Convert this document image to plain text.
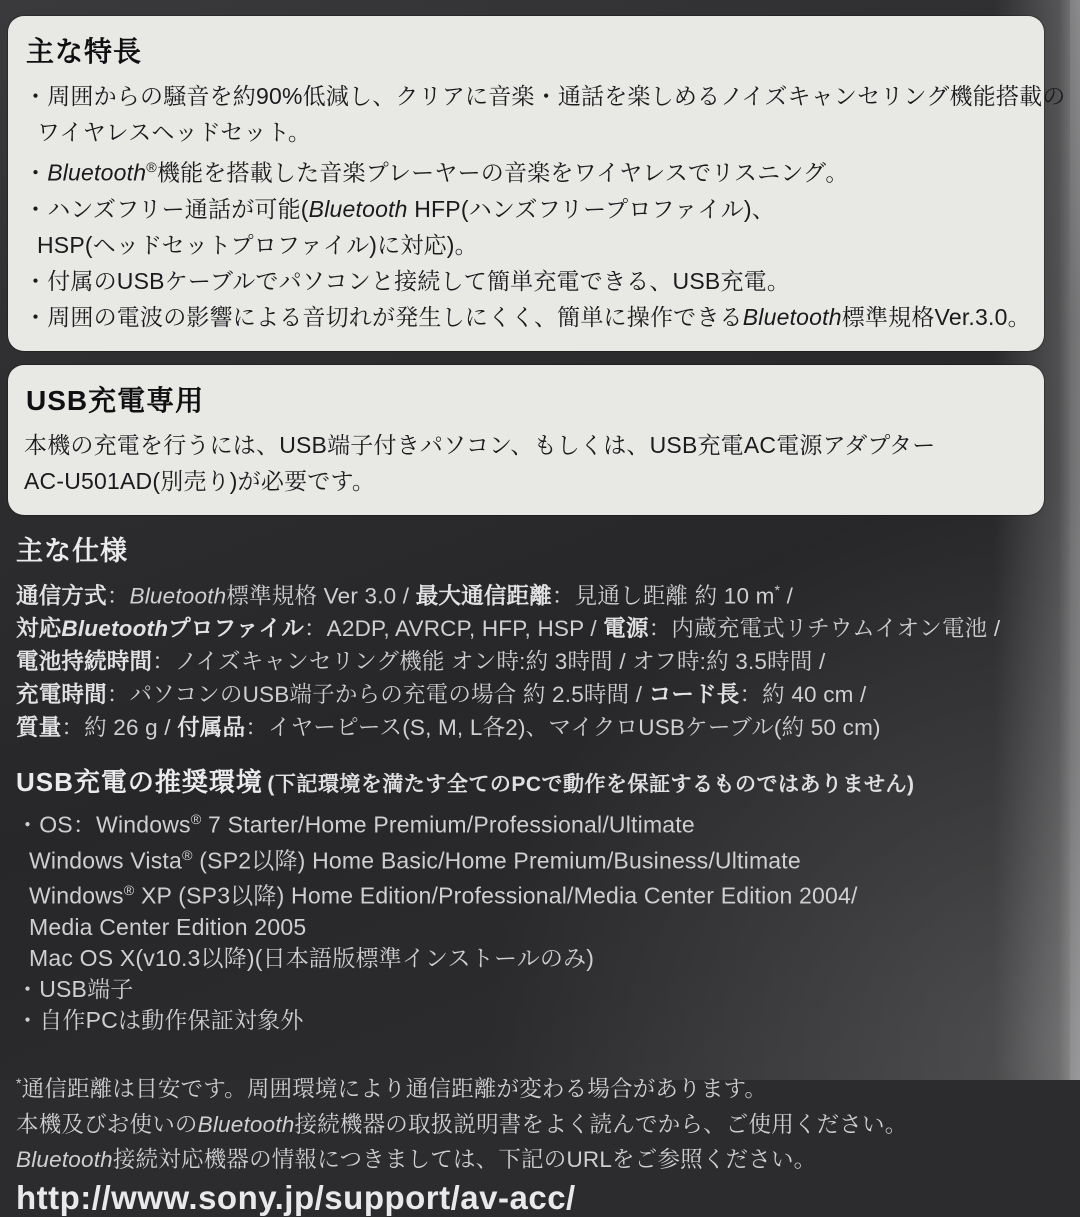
主な特長
・周囲からの騒音を約90%低減し、クリアに音楽・通話を楽しめるノイズキャンセリング機能搭載の
ワイヤレスヘッドセット。
・Bluetooth®機能を搭載した音楽プレーヤーの音楽をワイヤレスでリスニング。
・ハンズフリー通話が可能(Bluetooth HFP(ハンズフリープロファイル)、
HSP(ヘッドセットプロファイル)に対応)。
・付属のUSBケーブルでパソコンと接続して簡単充電できる、USB充電。
・周囲の電波の影響による音切れが発生しにくく、簡単に操作できるBluetooth標準規格Ver.3.0。
USB充電専用
本機の充電を行うには、USB端子付きパソコン、もしくは、USB充電AC電源アダプター
AC-U501AD(別売り)が必要です。
主な仕様
通信方式：Bluetooth標準規格 Ver 3.0 / 最大通信距離：見通し距離 約 10 m* /
対応Bluetoothプロファイル：A2DP, AVRCP, HFP, HSP / 電源：内蔵充電式リチウムイオン電池 /
電池持続時間：ノイズキャンセリング機能 オン時:約 3時間 / オフ時:約 3.5時間 /
充電時間：パソコンのUSB端子からの充電の場合 約 2.5時間 / コード長：約 40 cm /
質量：約 26 g / 付属品：イヤーピース(S, M, L各2)、マイクロUSBケーブル(約 50 cm)
USB充電の推奨環境 (下記環境を満たす全てのPCで動作を保証するものではありません)
・OS：Windows® 7 Starter/Home Premium/Professional/Ultimate
Windows Vista® (SP2以降) Home Basic/Home Premium/Business/Ultimate
Windows® XP (SP3以降) Home Edition/Professional/Media Center Edition 2004/
Media Center Edition 2005
Mac OS X(v10.3以降)(日本語版標準インストールのみ)
・USB端子
・自作PCは動作保証対象外
*通信距離は目安です。周囲環境により通信距離が変わる場合があります。
本機及びお使いのBluetooth接続機器の取扱説明書をよく読んでから、ご使用ください。
Bluetooth接続対応機器の情報につきましては、下記のURLをご参照ください。
http://www.sony.jp/support/av-acc/
